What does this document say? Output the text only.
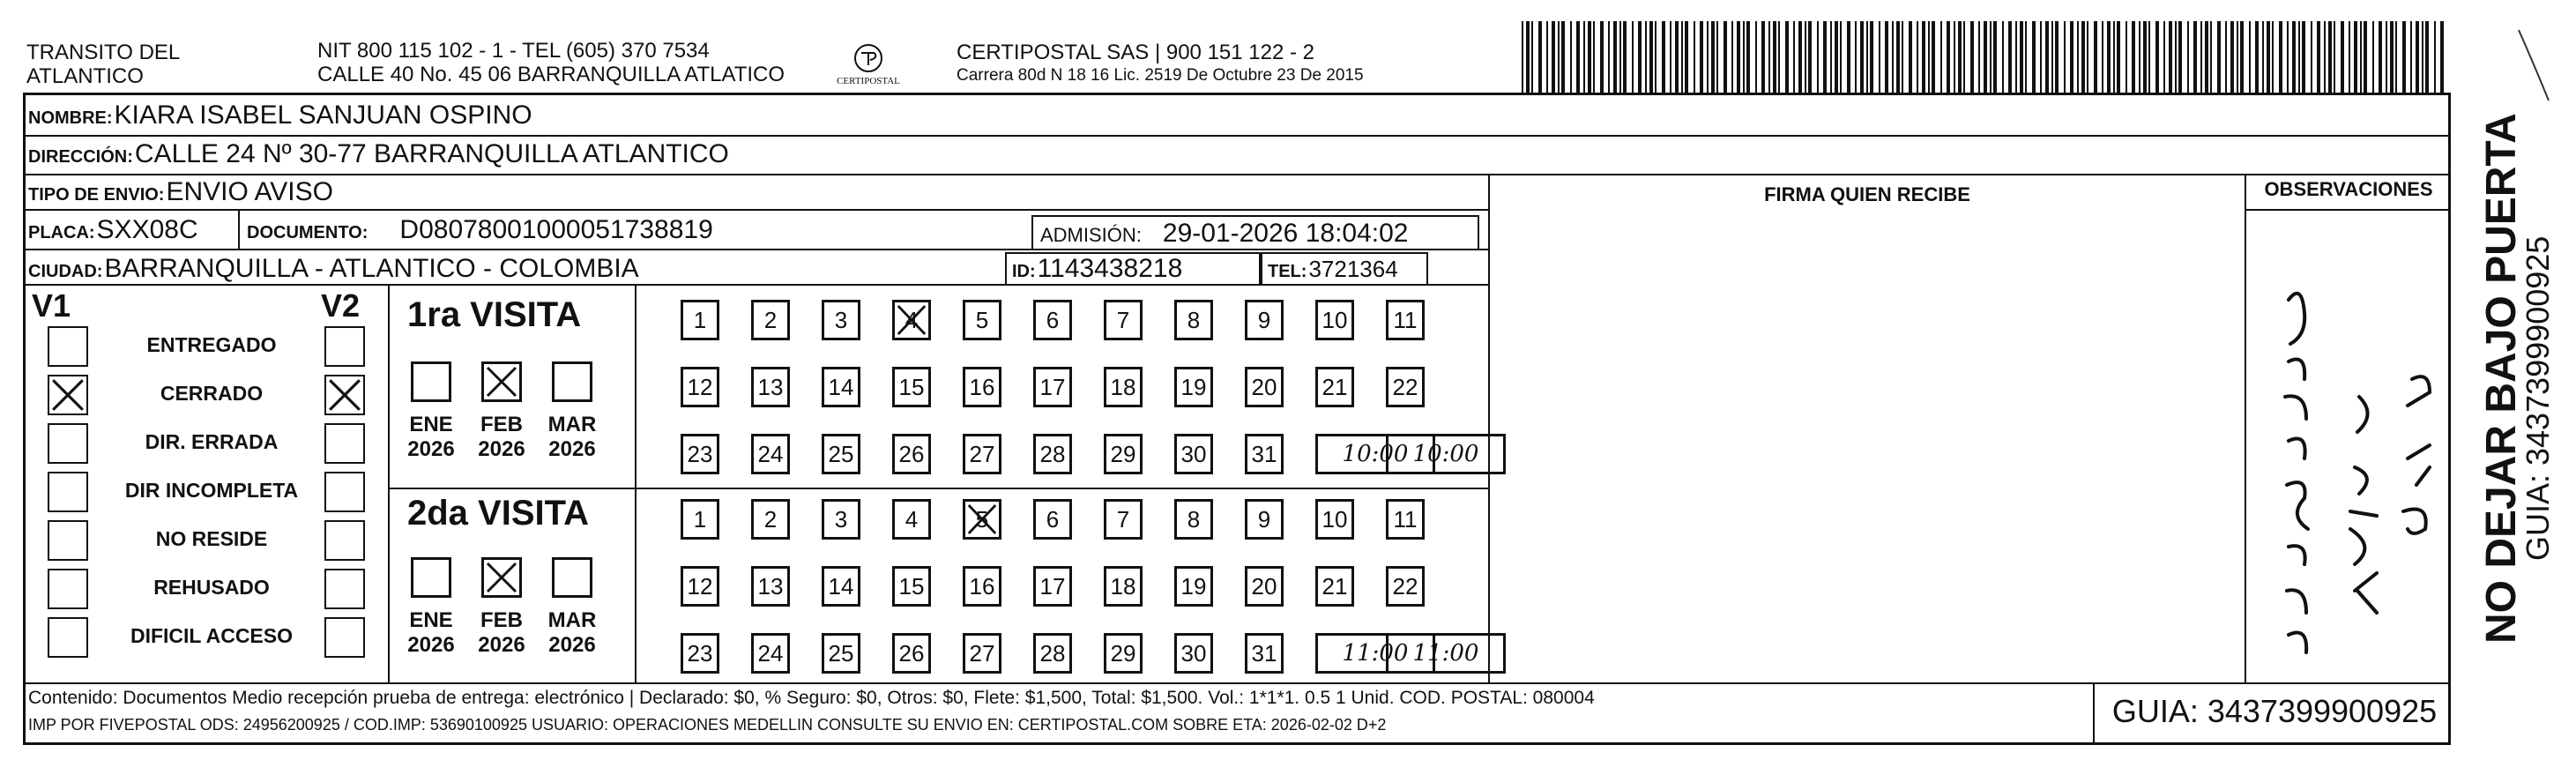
TRANSITO DEL
ATLANTICO
NIT 800 115 102 - 1 - TEL (605) 370 7534
CALLE 40 No. 45 06 BARRANQUILLA ATLATICO	CERTIPOSTAL
CERTIPOSTAL SAS | 900 151 122 - 2
Carrera 80d N 18 16 Lic. 2519 De Octubre 23 De 2015
NOMBRE: KIARA ISABEL SANJUAN OSPINO
DIRECCIÓN: CALLE 24 Nº 30-77 BARRANQUILLA ATLANTICO
TIPO DE ENVIO: ENVIO AVISO	FIRMA QUIEN RECIBE	OBSERVACIONES
PLACA: SXX08C	DOCUMENTO: D08078001000051738819	ADMISIÓN: 29-01-2026 18:04:02
CIUDAD: BARRANQUILLA - ATLANTICO - COLOMBIA	ID: 1143438218	TEL: 3721364
V1	V2
ENTREGADO
CERRADO
DIR. ERRADA
DIR INCOMPLETA
NO RESIDE
REHUSADO
DIFICIL ACCESO
1ra VISITA
2da VISITA
1	2	3	4	5	6	7	8	9	10	11
12 13 14 15 16 17 18 19 20 21 22
23 24 25 26 27 28 29 30 31	10:00 10:00
ENE
2026
FEB
2026
MAR
2026
1	2	3	4	5	6	7	8	9	10	11
12 13 14 15 16 17 18 19 20 21 22
23 24 25 26 27 28 29 30 31	11:00 11:00
ENE
2026
FEB
2026
MAR
2026
Contenido: Documentos Medio recepción prueba de entrega: electrónico | Declarado: $0, % Seguro: $0, Otros: $0, Flete: $1,500, Total: $1,500. Vol.: 1*1*1. 0.5 1 Unid. COD. POSTAL: 080004
IMP POR FIVEPOSTAL ODS: 24956200925 / COD.IMP: 53690100925 USUARIO: OPERACIONES MEDELLIN CONSULTE SU ENVIO EN: CERTIPOSTAL.COM SOBRE ETA: 2026-02-02 D+2	GUIA: 3437399900925
NO DEJAR BAJO PUERTA
GUIA: 3437399900925
